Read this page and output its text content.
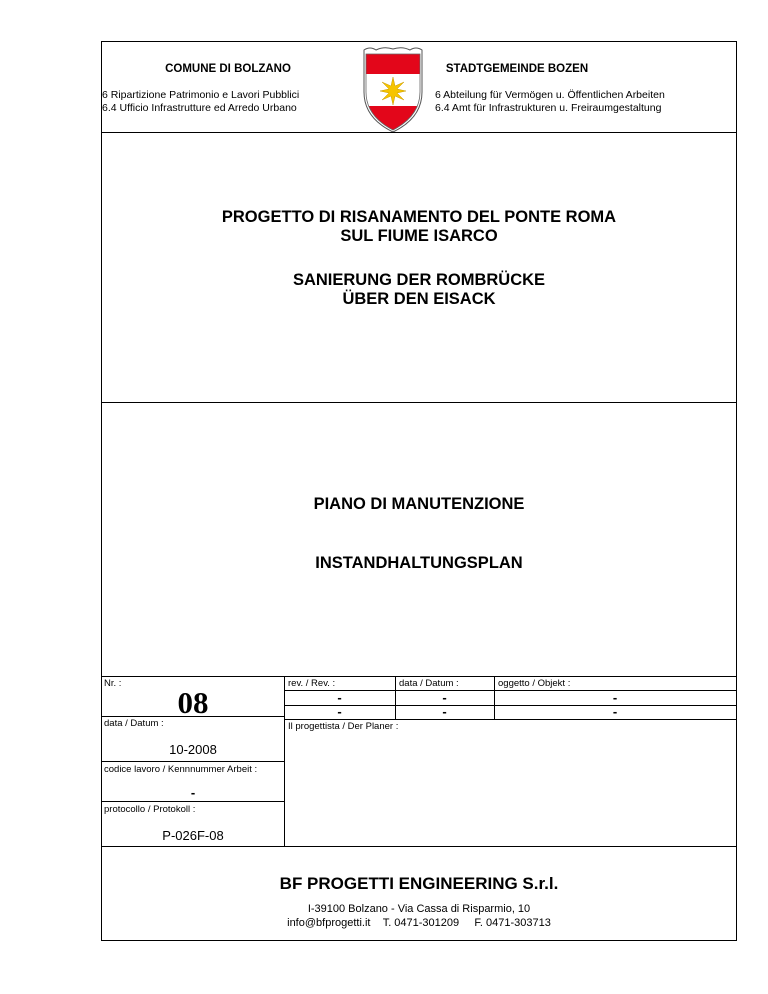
COMUNE DI BOLZANO
6 Ripartizione Patrimonio e Lavori Pubblici
6.4 Ufficio Infrastrutture ed Arredo Urbano
STADTGEMEINDE BOZEN
6 Abteilung für Vermögen u. Öffentlichen Arbeiten
6.4 Amt für Infrastrukturen u. Freiraumgestaltung
PROGETTO DI RISANAMENTO DEL PONTE ROMA
SUL FIUME ISARCO
SANIERUNG DER ROMBRÜCKE
ÜBER DEN EISACK
PIANO DI MANUTENZIONE
INSTANDHALTUNGSPLAN
Nr. :
08
data / Datum :
10-2008
codice lavoro / Kennnummer Arbeit :
-
protocollo / Protokoll :
P-026F-08
rev. / Rev. :	data / Datum :	oggetto / Objekt :
-
-
-
-
-
-
Il progettista / Der Planer :
BF PROGETTI ENGINEERING S.r.l.
I-39100 Bolzano - Via Cassa di Risparmio, 10
info@bfprogetti.it T. 0471-301209 F. 0471-303713
